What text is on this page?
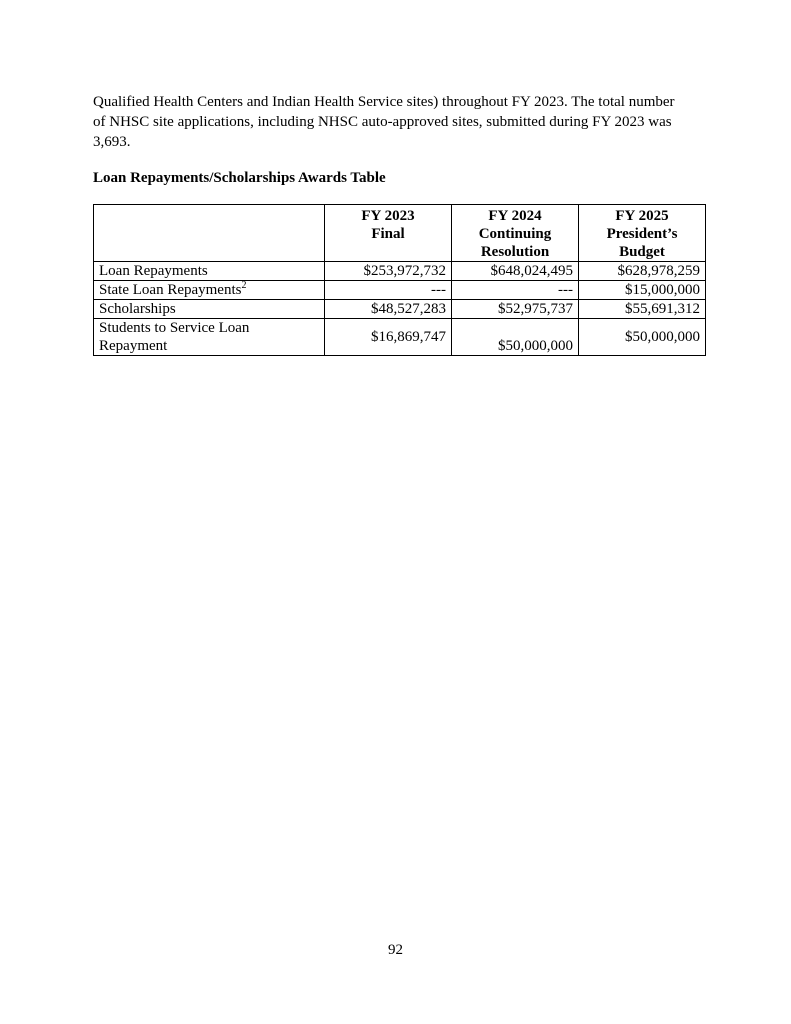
Qualified Health Centers and Indian Health Service sites) throughout FY 2023. The total number
of NHSC site applications, including NHSC auto-approved sites, submitted during FY 2023 was
3,693.

Loan Repayments/Scholarships Awards Table

	FY 2023
Final	FY 2024
Continuing
Resolution	FY 2025
President’s
Budget

Loan Repayments	$253,972,732	$648,024,495	$628,978,259
State Loan Repayments$^2$	---	---	$15,000,000
Scholarships	$48,527,283	$52,975,737	$55,691,312

Students to Service Loan
Repayment	$16,869,747	$50,000,000	$50,000,000

92
